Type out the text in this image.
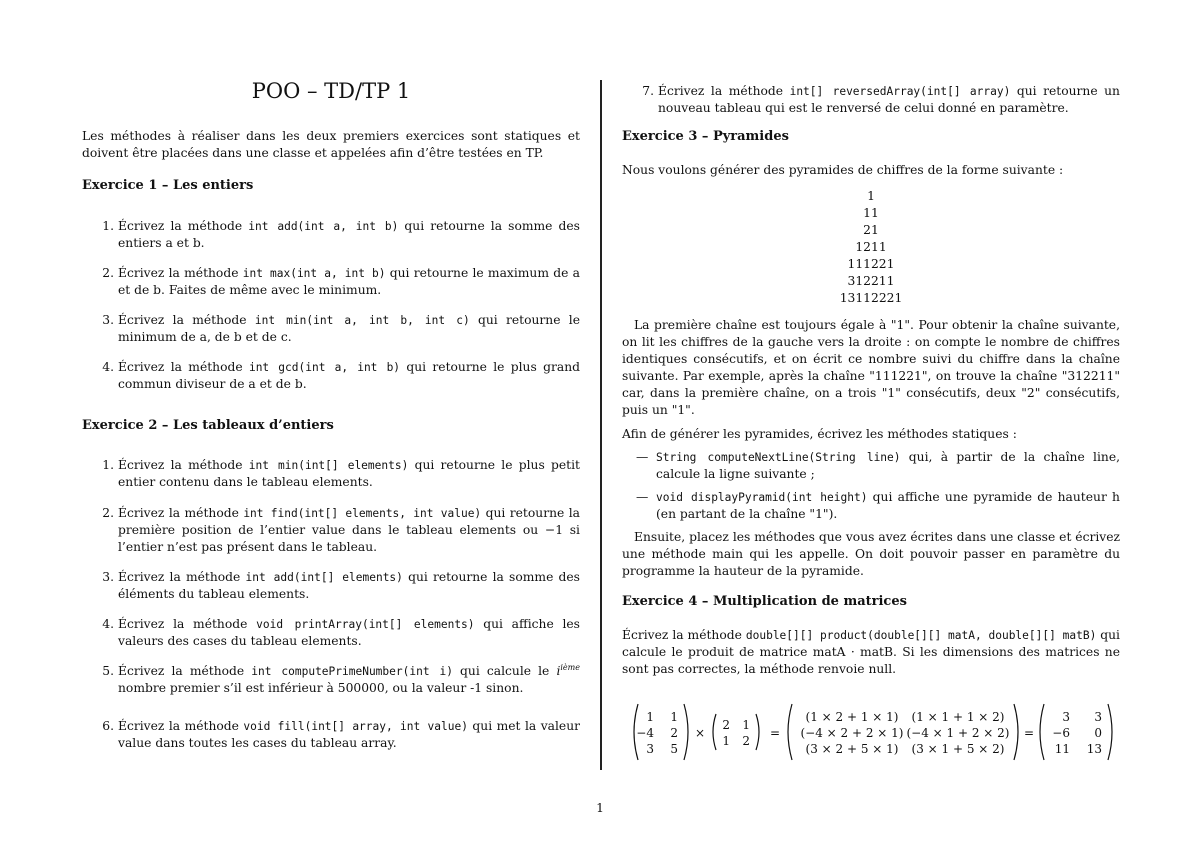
POO – TD/TP 1

Les méthodes à réaliser dans les deux premiers exercices sont statiques et doivent être placées dans une classe et appelées afin d’être testées en TP.

Exercice 1 – Les entiers
1. Écrivez la méthode int add(int a, int b) qui retourne la somme des entiers a et b.
2. Écrivez la méthode int max(int a, int b) qui retourne le maximum de a et de b. Faites de même avec le minimum.
3. Écrivez la méthode int min(int a, int b, int c) qui retourne le minimum de a, de b et de c.
4. Écrivez la méthode int gcd(int a, int b) qui retourne le plus grand commun diviseur de a et de b.
Exercice 2 – Les tableaux d’entiers
1. Écrivez la méthode int min(int[] elements) qui retourne le plus petit entier contenu dans le tableau elements.
2. Écrivez la méthode int find(int[] elements, int value) qui retourne la première position de l’entier value dans le tableau elements ou −1 si l’entier n’est pas présent dans le tableau.
3. Écrivez la méthode int add(int[] elements) qui retourne la somme des éléments du tableau elements.
4. Écrivez la méthode void printArray(int[] elements) qui affiche les valeurs des cases du tableau elements.
5. Écrivez la méthode int computePrimeNumber(int i) qui calcule le $i^{ième}$ nombre premier s’il est inférieur à 500000, ou la valeur -1 sinon.
6. Écrivez la méthode void fill(int[] array, int value) qui met la valeur value dans toutes les cases du tableau array.
7. Écrivez la méthode int[] reversedArray(int[] array) qui retourne un nouveau tableau qui est le renversé de celui donné en paramètre.
Exercice 3 – Pyramides

Nous voulons générer des pyramides de chiffres de la forme suivante :

1
11
21
1211
111221
312211
13112221

La première chaîne est toujours égale à "1". Pour obtenir la chaîne suivante, on lit les chiffres de la gauche vers la droite : on compte le nombre de chiffres identiques consécutifs, et on écrit ce nombre suivi du chiffre dans la chaîne suivante. Par exemple, après la chaîne "111221", on trouve la chaîne "312211" car, dans la première chaîne, on a trois "1" consécutifs, deux "2" consécutifs, puis un "1".

Afin de générer les pyramides, écrivez les méthodes statiques :

— String computeNextLine(String line) qui, à partir de la chaîne line, calcule la ligne suivante ;
— void displayPyramid(int height) qui affiche une pyramide de hauteur h (en partant de la chaîne "1").

Ensuite, placez les méthodes que vous avez écrites dans une classe et écrivez une méthode main qui les appelle. On doit pouvoir passer en paramètre du programme la hauteur de la pyramide.

Exercice 4 – Multiplication de matrices

Écrivez la méthode double[][] product(double[][] matA, double[][] matB) qui calcule le produit de matrice matA · matB. Si les dimensions des matrices ne sont pas correctes, la méthode renvoie null.

1 1
−4 2
3 5
2 1
1 2
3 3
−6 0
11 13
×	=	=
(1 × 2 + 1 × 1) (1 × 1 + 1 × 2)
(−4 × 2 + 2 × 1) (−4 × 1 + 2 × 2)
(3 × 2 + 5 × 1) (3 × 1 + 5 × 2)
1
